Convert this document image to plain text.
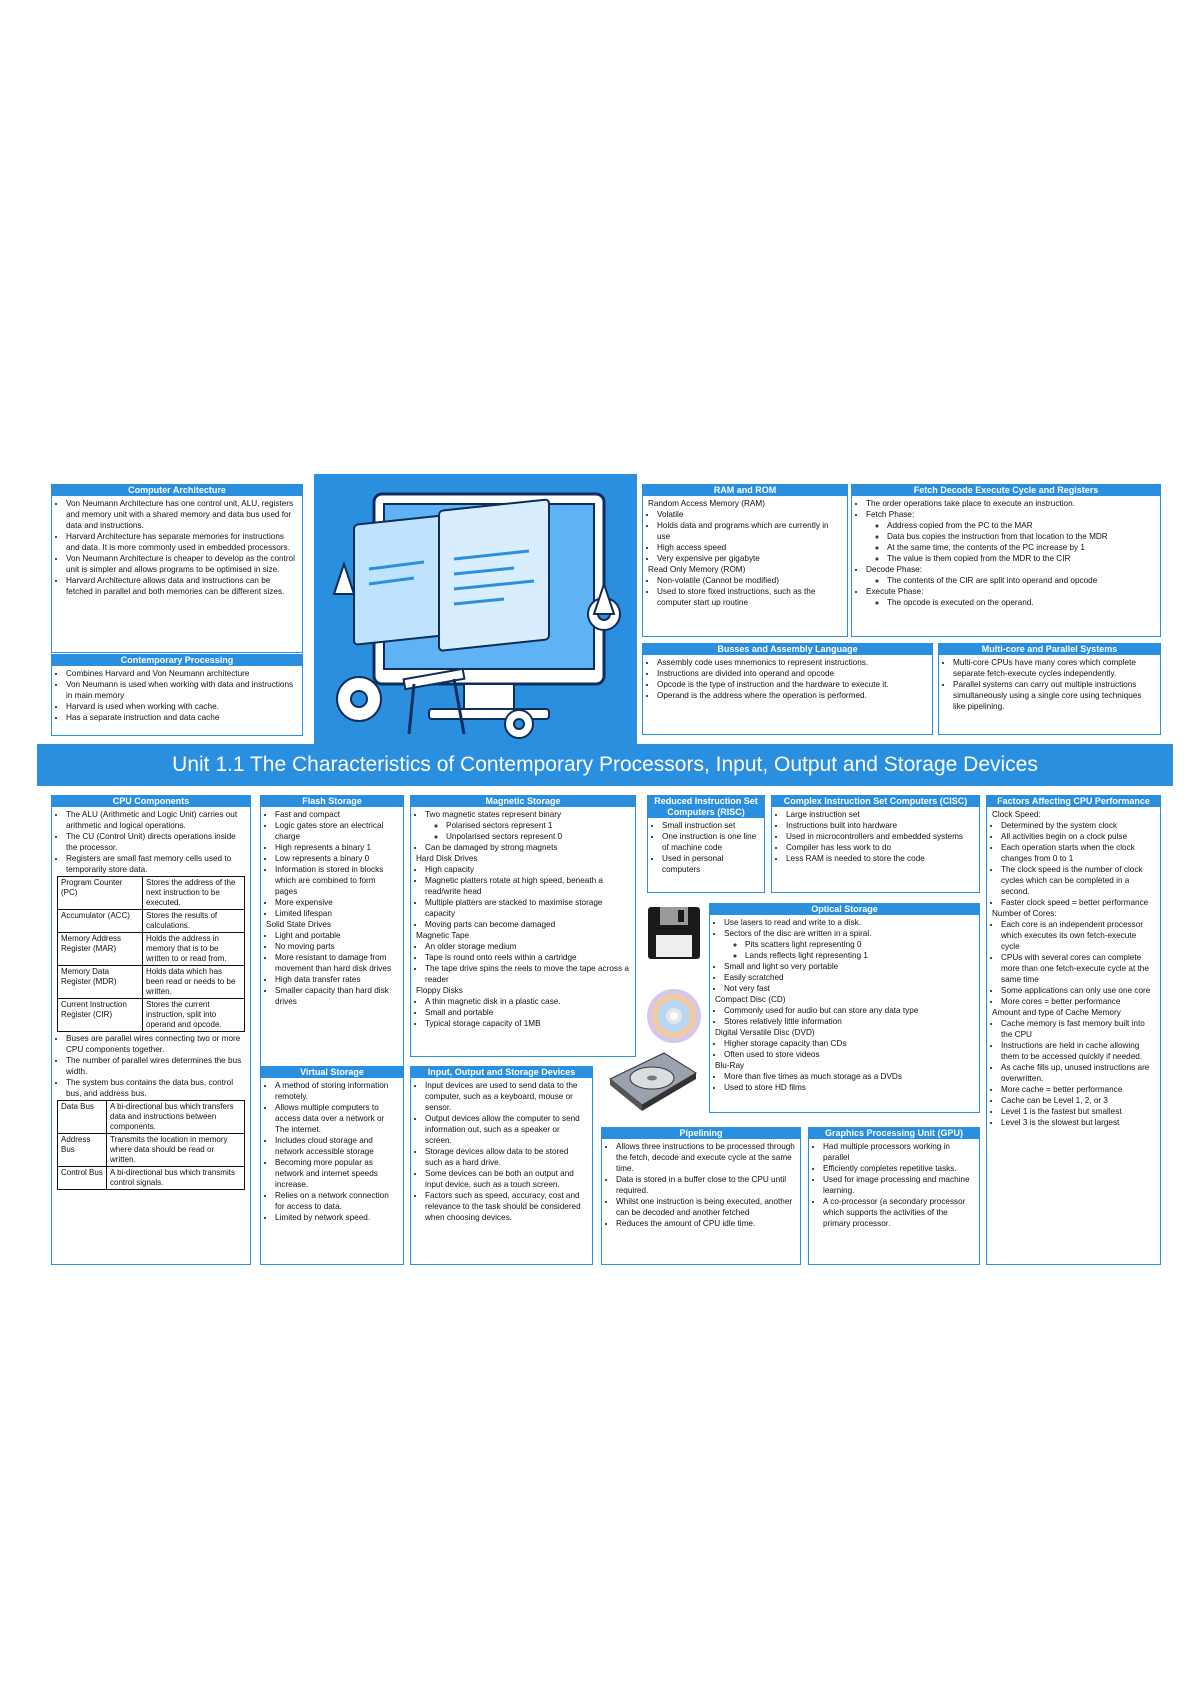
Computer Architecture
• Von Neumann Architecture has one control unit, ALU, registers and memory unit with a shared memory and data bus used for data and instructions.
• Harvard Architecture has separate memories for instructions and data. It is more commonly used in embedded processors.
• Von Neumann Architecture is cheaper to develop as the control unit is simpler and allows programs to be optimised in size.
• Harvard Architecture allows data and instructions can be fetched in parallel and both memories can be different sizes.
Contemporary Processing
• Combines Harvard and Von Neumann architecture
• Von Neumann is used when working with data and instructions in main memory
• Harvard is used when working with cache.
• Has a separate instruction and data cache
RAM and ROM
Random Access Memory (RAM)
• Volatile
• Holds data and programs which are currently in use
• High access speed
• Very expensive per gigabyte
Read Only Memory (ROM)
• Non-volatile (Cannot be modified)
• Used to store fixed instructions, such as the computer start up routine
Fetch Decode Execute Cycle and Registers
• The order operations take place to execute an instruction.
• Fetch Phase:
◦ Address copied from the PC to the MAR
◦ Data bus copies the instruction from that location to the MDR
◦ At the same time, the contents of the PC increase by 1
◦ The value is them copied from the MDR to the CIR
• Decode Phase:
◦ The contents of the CIR are split into operand and opcode
• Execute Phase:
◦ The opcode is executed on the operand.
Busses and Assembly Language
• Assembly code uses mnemonics to represent instructions.
• Instructions are divided into operand and opcode
• Opcode is the type of instruction and the hardware to execute it.
• Operand is the address where the operation is performed.
Multi-core and Parallel Systems
• Multi-core CPUs have many cores which complete separate fetch-execute cycles independently.
• Parallel systems can carry out multiple instructions simultaneously using a single core using techniques like pipelining.
Unit 1.1 The Characteristics of Contemporary Processors, Input, Output and Storage Devices
CPU Components
• The ALU (Arithmetic and Logic Unit) carries out arithmetic and logical operations.
• The CU (Control Unit) directs operations inside the processor.
• Registers are small fast memory cells used to temporarily store data.
Program Counter (PC)	Stores the address of the next instruction to be executed.
Accumulator (ACC)	Stores the results of calculations.
Memory Address Register (MAR)	Holds the address in memory that is to be written to or read from.
Memory Data Register (MDR)	Holds data which has been read or needs to be written.
Current Instruction Register (CIR)	Stores the current instruction, split into operand and opcode.
• Buses are parallel wires connecting two or more CPU components together.
• The number of parallel wires determines the bus width.
• The system bus contains the data bus, control bus, and address bus.
Data Bus	A bi-directional bus which transfers data and instructions between components.
Address Bus	Transmits the location in memory where data should be read or written.
Control Bus	A bi-directional bus which transmits control signals.
Flash Storage
• Fast and compact
• Logic gates store an electrical charge
• High represents a binary 1
• Low represents a binary 0
• Information is stored in blocks which are combined to form pages
• More expensive
• Limited lifespan
Solid State Drives
• Light and portable
• No moving parts
• More resistant to damage from movement than hard disk drives
• High data transfer rates
• Smaller capacity than hard disk drives
Virtual Storage
• A method of storing information remotely.
• Allows multiple computers to access data over a network or The internet.
• Includes cloud storage and network accessible storage
• Becoming more popular as network and internet speeds increase.
• Relies on a network connection for access to data.
• Limited by network speed.
Magnetic Storage
• Two magnetic states represent binary
◦ Polarised sectors represent 1
◦ Unpolarised sectors represent 0
• Can be damaged by strong magnets
Hard Disk Drives
• High capacity
• Magnetic platters rotate at high speed, beneath a read/write head
• Multiple platters are stacked to maximise storage capacity
• Moving parts can become damaged
Magnetic Tape
• An older storage medium
• Tape is round onto reels within a cartridge
• The tape drive spins the reels to move the tape across a reader
Floppy Disks
• A thin magnetic disk in a plastic case.
• Small and portable
• Typical storage capacity of 1MB
Input, Output and Storage Devices
• Input devices are used to send data to the computer, such as a keyboard, mouse or sensor.
• Output devices allow the computer to send information out, such as a speaker or screen.
• Storage devices allow data to be stored such as a hard drive.
• Some devices can be both an output and input device, such as a touch screen.
• Factors such as speed, accuracy, cost and relevance to the task should be considered when choosing devices.
Reduced Instruction Set Computers (RISC)
• Small instruction set
• One instruction is one line of machine code
• Used in personal computers
Complex Instruction Set Computers (CISC)
• Large instruction set
• Instructions built into hardware
• Used in microcontrollers and embedded systems
• Compiler has less work to do
• Less RAM is needed to store the code
Optical Storage
• Use lasers to read and write to a disk.
• Sectors of the disc are written in a spiral.
◦ Pits scatters light representing 0
◦ Lands reflects light representing 1
• Small and light so very portable
• Easily scratched
• Not very fast
Compact Disc (CD)
• Commonly used for audio but can store any data type
• Stores relatively little information
Digital Versatile Disc (DVD)
• Higher storage capacity than CDs
• Often used to store videos
Blu-Ray
• More than five times as much storage as a DVDs
• Used to store HD films
Pipelining
• Allows three instructions to be processed through the fetch, decode and execute cycle at the same time.
• Data is stored in a buffer close to the CPU until required.
• Whilst one instruction is being executed, another can be decoded and another fetched
• Reduces the amount of CPU idle time.
Graphics Processing Unit (GPU)
• Had multiple processors working in parallel
• Efficiently completes repetitive tasks.
• Used for image processing and machine learning.
• A co-processor (a secondary processor which supports the activities of the primary processor.
Factors Affecting CPU Performance
Clock Speed:
• Determined by the system clock
• All activities begin on a clock pulse
• Each operation starts when the clock changes from 0 to 1
• The clock speed is the number of clock cycles which can be completed in a second.
• Faster clock speed = better performance
Number of Cores:
• Each core is an independent processor which executes its own fetch-execute cycle
• CPUs with several cores can complete more than one fetch-execute cycle at the same time
• Some applications can only use one core
• More cores = better performance
Amount and type of Cache Memory
• Cache memory is fast memory built into the CPU
• Instructions are held in cache allowing them to be accessed quickly if needed.
• As cache fills up, unused instructions are overwritten.
• More cache = better performance
• Cache can be Level 1, 2, or 3
• Level 1 is the fastest but smallest
• Level 3 is the slowest but largest
